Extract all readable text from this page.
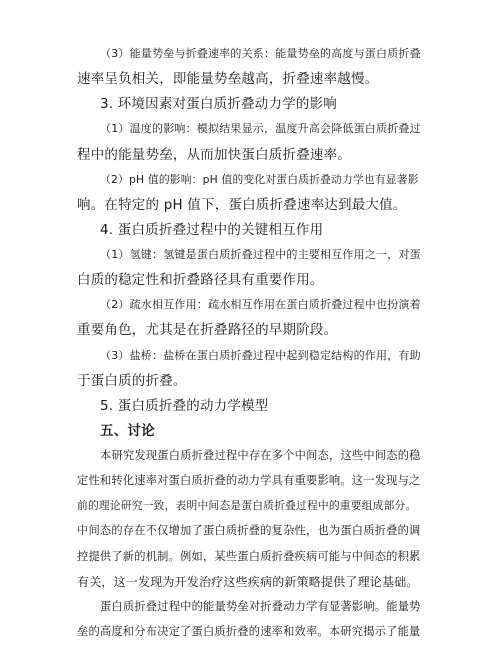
（3）能量势垒与折叠速率的关系：能量势垒的高度与蛋白质折叠
速率呈负相关，即能量势垒越高，折叠速率越慢。
3. 环境因素对蛋白质折叠动力学的影响
（1）温度的影响：模拟结果显示，温度升高会降低蛋白质折叠过
程中的能量势垒，从而加快蛋白质折叠速率。
（2）pH 值的影响：pH 值的变化对蛋白质折叠动力学也有显著影
响。在特定的 pH 值下，蛋白质折叠速率达到最大值。
4. 蛋白质折叠过程中的关键相互作用
（1）氢键：氢键是蛋白质折叠过程中的主要相互作用之一，对蛋
白质的稳定性和折叠路径具有重要作用。
（2）疏水相互作用：疏水相互作用在蛋白质折叠过程中也扮演着
重要角色，尤其是在折叠路径的早期阶段。
（3）盐桥：盐桥在蛋白质折叠过程中起到稳定结构的作用，有助
于蛋白质的折叠。
5. 蛋白质折叠的动力学模型
五、讨论
本研究发现蛋白质折叠过程中存在多个中间态，这些中间态的稳
定性和转化速率对蛋白质折叠的动力学具有重要影响。这一发现与之
前的理论研究一致，表明中间态是蛋白质折叠过程中的重要组成部分。
中间态的存在不仅增加了蛋白质折叠的复杂性，也为蛋白质折叠的调
控提供了新的机制。例如，某些蛋白质折叠疾病可能与中间态的积累
有关，这一发现为开发治疗这些疾病的新策略提供了理论基础。
蛋白质折叠过程中的能量势垒对折叠动力学有显著影响。能量势
垒的高度和分布决定了蛋白质折叠的速率和效率。本研究揭示了能量
